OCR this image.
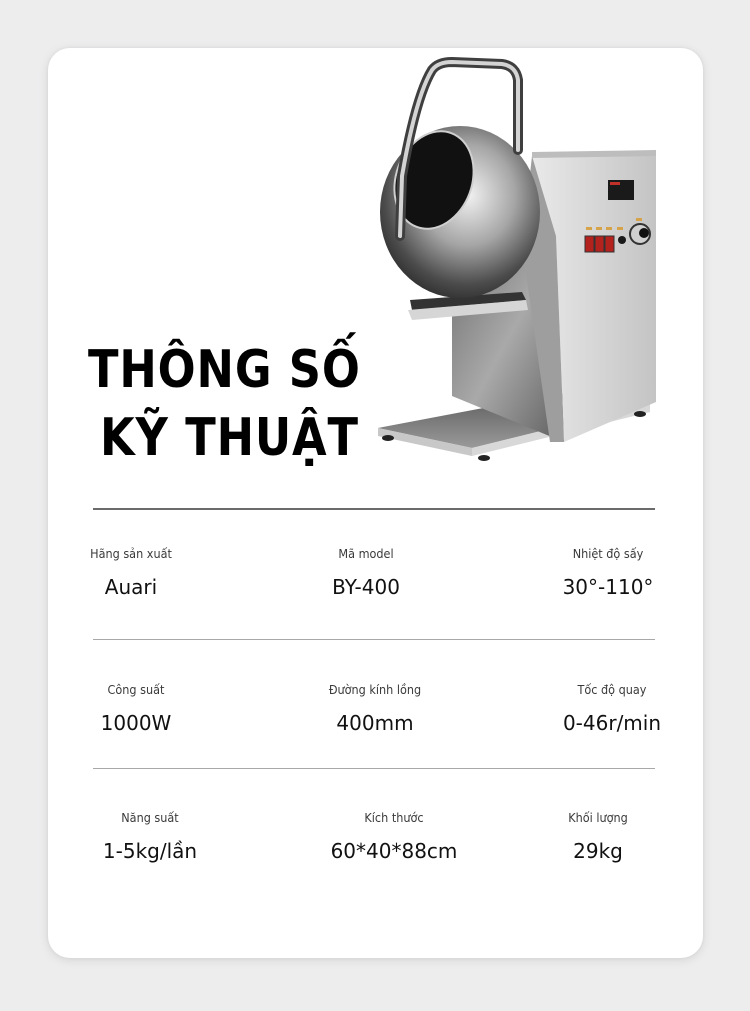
THÔNG SỐ
KỸ THUẬT
Hãng sản xuất
Auari
Mã model
BY-400
Nhiệt độ sấy
30°-110°
Công suất
1000W
Đường kính lồng
400mm
Tốc độ quay
0-46r/min
Năng suất
1-5kg/lần
Kích thước
60*40*88cm
Khối lượng
29kg
